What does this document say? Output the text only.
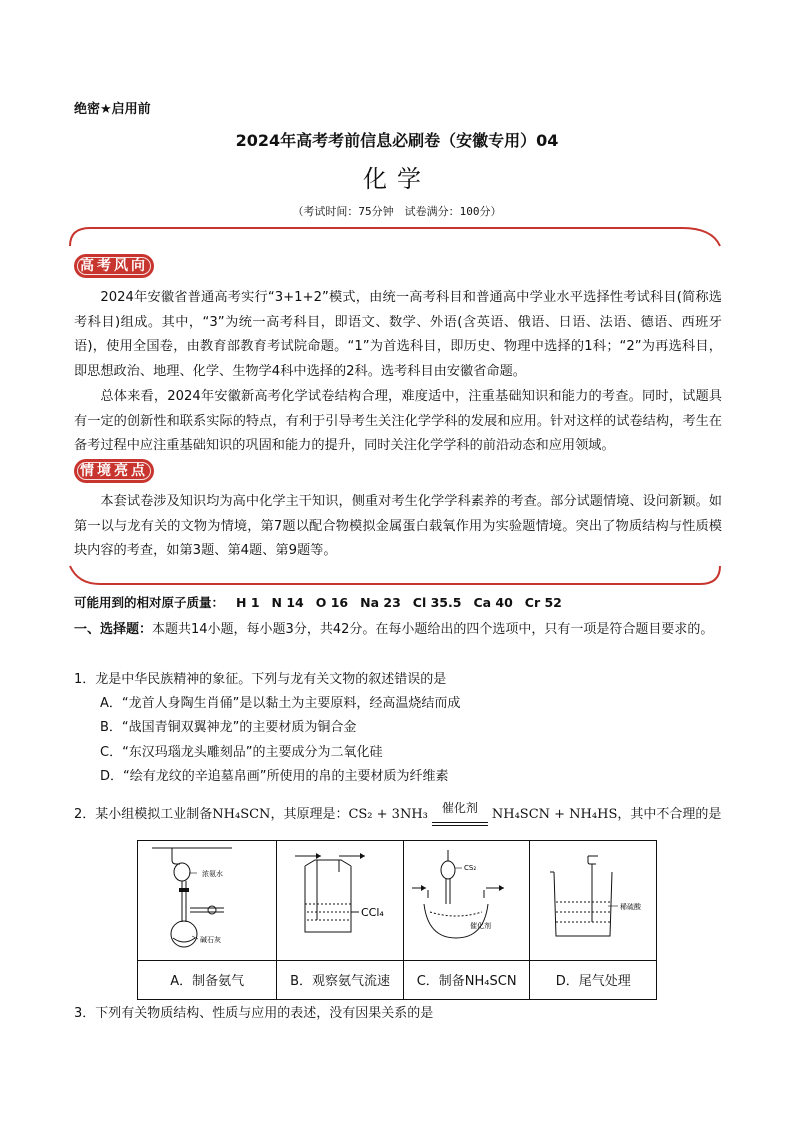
绝密★启用前
2024年高考考前信息必刷卷（安徽专用）04
化学
（考试时间：75分钟　试卷满分：100分）
高考风向
2024年安徽省普通高考实行“3+1+2”模式，由统一高考科目和普通高中学业水平选择性考试科目(简称选考科目)组成。其中，“3”为统一高考科目，即语文、数学、外语(含英语、俄语、日语、法语、德语、西班牙语)，使用全国卷，由教育部教育考试院命题。“1”为首选科目，即历史、物理中选择的1科；“2”为再选科目，即思想政治、地理、化学、生物学4科中选择的2科。选考科目由安徽省命题。
总体来看，2024年安徽新高考化学试卷结构合理，难度适中，注重基础知识和能力的考查。同时，试题具有一定的创新性和联系实际的特点，有利于引导考生关注化学学科的发展和应用。针对这样的试卷结构，考生在备考过程中应注重基础知识的巩固和能力的提升，同时关注化学学科的前沿动态和应用领域。
情境亮点
本套试卷涉及知识均为高中化学主干知识，侧重对考生化学学科素养的考查。部分试题情境、设问新颖。如第一以与龙有关的文物为情境，第7题以配合物模拟金属蛋白载氧作用为实验题情境。突出了物质结构与性质模块内容的考查，如第3题、第4题、第9题等。
可能用到的相对原子质量： H 1 N 14 O 16 Na 23 Cl 35.5 Ca 40 Cr 52
一、选择题：本题共14小题，每小题3分，共42分。在每小题给出的四个选项中，只有一项是符合题目要求的。
1．龙是中华民族精神的象征。下列与龙有关文物的叙述错误的是
A．“龙首人身陶生肖俑”是以黏土为主要原料，经高温烧结而成
B．“战国青铜双翼神龙”的主要材质为铜合金
C．“东汉玛瑙龙头雕刻品”的主要成分为二氧化硅
D．“绘有龙纹的辛追墓帛画”所使用的帛的主要材质为纤维素
2．某小组模拟工业制备NH₄SCN，其原理是：CS₂ + 3NH₃	催化剂	NH₄SCN + NH₄HS，其中不合理的是
浓氨水
碱石灰	CCl₄	CS₂
催化剂	稀硫酸

A．制备氨气	B．观察氨气流速	C．制备NH₄SCN	D．尾气处理
3．下列有关物质结构、性质与应用的表述，没有因果关系的是
